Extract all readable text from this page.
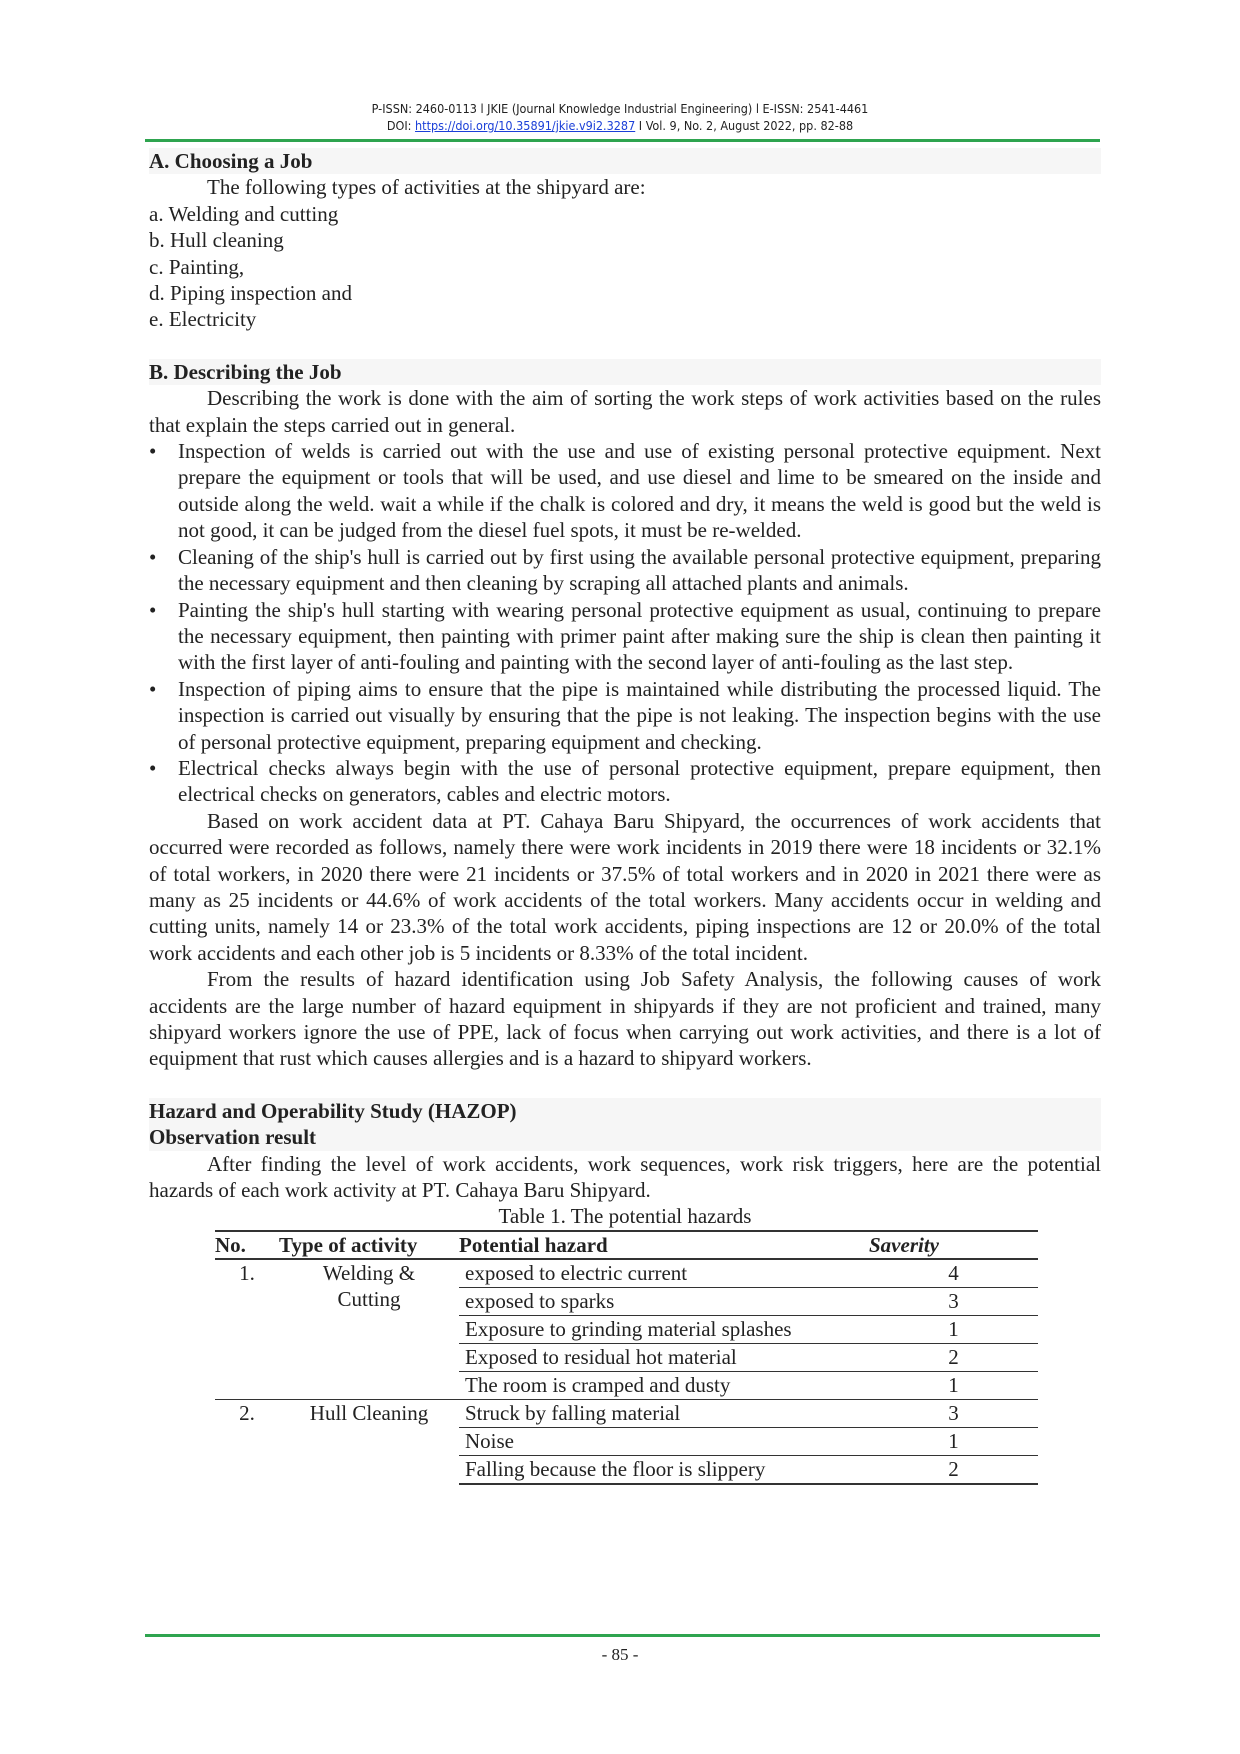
P-ISSN: 2460-0113 l JKIE (Journal Knowledge Industrial Engineering) l E-ISSN: 2541-4461
DOI: https://doi.org/10.35891/jkie.v9i2.3287 I Vol. 9, No. 2, August 2022, pp. 82-88

A. Choosing a Job

The following types of activities at the shipyard are:

a. Welding and cutting

b. Hull cleaning

c. Painting,

d. Piping inspection and

e. Electricity

B. Describing the Job

Describing the work is done with the aim of sorting the work steps of work activities based on the rules that explain the steps carried out in general.

• Inspection of welds is carried out with the use and use of existing personal protective equipment. Next prepare the equipment or tools that will be used, and use diesel and lime to be smeared on the inside and outside along the weld. wait a while if the chalk is colored and dry, it means the weld is good but the weld is not good, it can be judged from the diesel fuel spots, it must be re-welded.
• Cleaning of the ship's hull is carried out by first using the available personal protective equipment, preparing the necessary equipment and then cleaning by scraping all attached plants and animals.
• Painting the ship's hull starting with wearing personal protective equipment as usual, continuing to prepare the necessary equipment, then painting with primer paint after making sure the ship is clean then painting it with the first layer of anti-fouling and painting with the second layer of anti-fouling as the last step.
• Inspection of piping aims to ensure that the pipe is maintained while distributing the processed liquid. The inspection is carried out visually by ensuring that the pipe is not leaking. The inspection begins with the use of personal protective equipment, preparing equipment and checking.
• Electrical checks always begin with the use of personal protective equipment, prepare equipment, then electrical checks on generators, cables and electric motors.

Based on work accident data at PT. Cahaya Baru Shipyard, the occurrences of work accidents that occurred were recorded as follows, namely there were work incidents in 2019 there were 18 incidents or 32.1% of total workers, in 2020 there were 21 incidents or 37.5% of total workers and in 2020 in 2021 there were as many as 25 incidents or 44.6% of work accidents of the total workers. Many accidents occur in welding and cutting units, namely 14 or 23.3% of the total work accidents, piping inspections are 12 or 20.0% of the total work accidents and each other job is 5 incidents or 8.33% of the total incident.

From the results of hazard identification using Job Safety Analysis, the following causes of work accidents are the large number of hazard equipment in shipyards if they are not proficient and trained, many shipyard workers ignore the use of PPE, lack of focus when carrying out work activities, and there is a lot of equipment that rust which causes allergies and is a hazard to shipyard workers.

Hazard and Operability Study (HAZOP)

Observation result

After finding the level of work accidents, work sequences, work risk triggers, here are the potential hazards of each work activity at PT. Cahaya Baru Shipyard.

Table 1. The potential hazards

No.	Type of activity	Potential hazard	Saverity
1.	Welding & Cutting	exposed to electric current	4
		exposed to sparks	3
		Exposure to grinding material splashes	1
		Exposed to residual hot material	2
		The room is cramped and dusty	1
2.	Hull Cleaning	Struck by falling material	3
		Noise	1
		Falling because the floor is slippery	2
- 85 -
